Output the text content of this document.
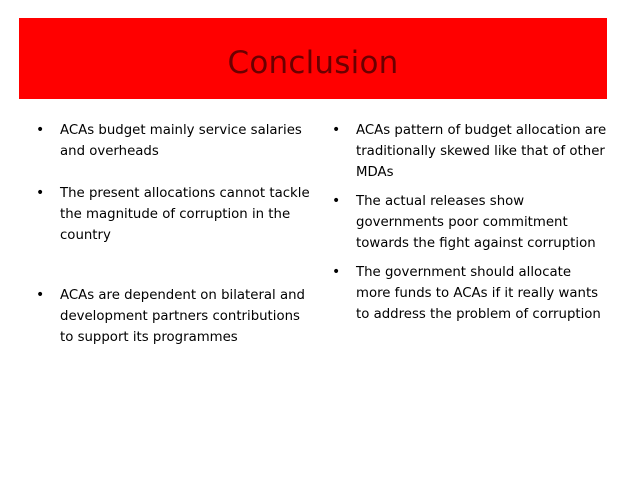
Conclusion
• ACAs budget mainly service salaries and overheads
• The present allocations cannot tackle the magnitude of corruption in the country
• ACAs are dependent on bilateral and development partners contributions to support its programmes
• ACAs pattern of budget allocation are traditionally skewed like that of other MDAs
• The actual releases show governments poor commitment towards the fight against corruption
• The government should allocate more funds to ACAs if it really wants to address the problem of corruption
